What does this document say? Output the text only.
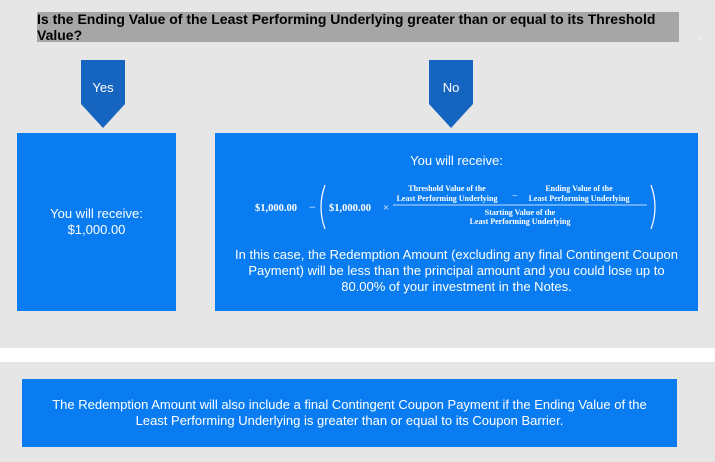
Is the Ending Value of the Least Performing Underlying greater than or equal to its Threshold Value?
Yes	No
You will receive:
$1,000.00
You will receive:
$1,000.00 − $1,000.00 ×
Threshold Value of the
Least Performing Underlying −
Ending Value of the
Least Performing Underlying
Starting Value of the
Least Performing Underlying
In this case, the Redemption Amount (excluding any final Contingent Coupon Payment) will be less than the principal amount and you could lose up to 80.00% of your investment in the Notes.
The Redemption Amount will also include a final Contingent Coupon Payment if the Ending Value of the Least Performing Underlying is greater than or equal to its Coupon Barrier.
